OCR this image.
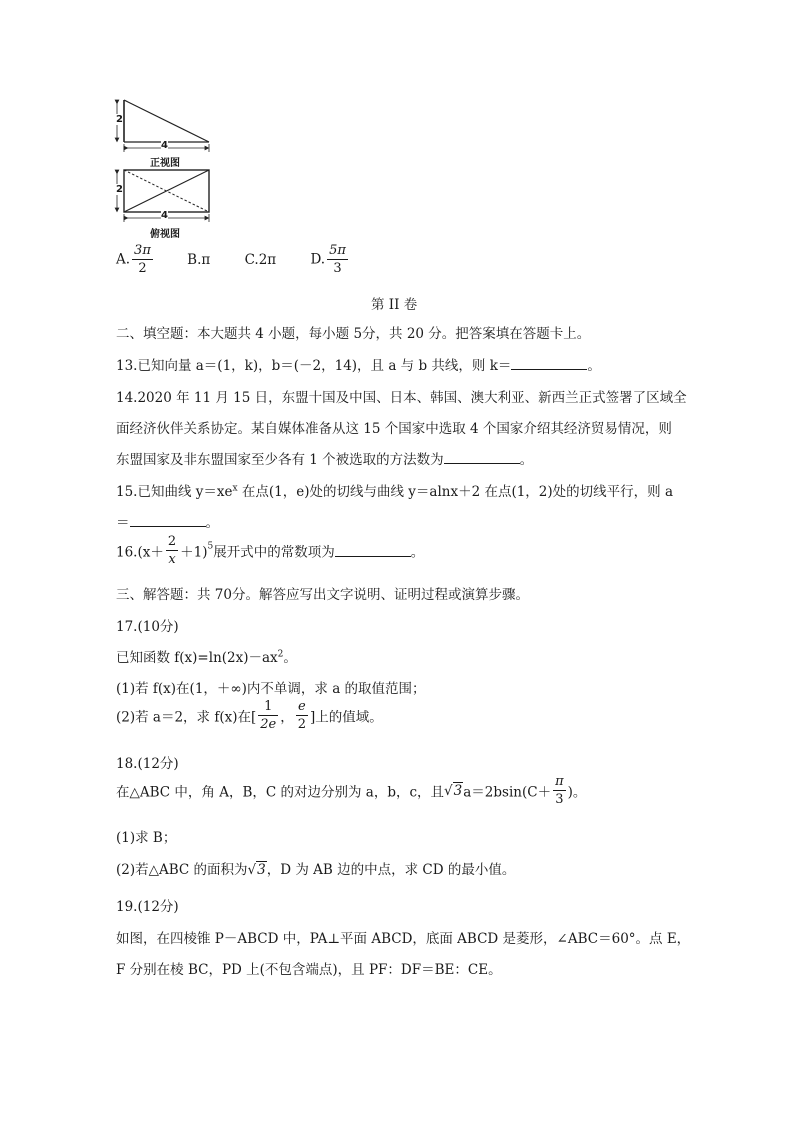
2
4
正视图
2
4
俯视图
A. $\frac{3\pi}{2}$	B.π	C.2π	D. $\frac{5\pi}{3}$
第 II 卷
二、填空题：本大题共 4 小题，每小题 5分，共 20 分。把答案填在答题卡上。
13.已知向量 a＝(1，k)，b＝(－2，14)，且 a 与 b 共线，则 k＝	。
14.2020 年 11 月 15 日，东盟十国及中国、日本、韩国、澳大利亚、新西兰正式签署了区域全
面经济伙伴关系协定。某自媒体准备从这 15 个国家中选取 4 个国家介绍其经济贸易情况，则
东盟国家及非东盟国家至少各有 1 个被选取的方法数为	。
15.已知曲线 $y=xe^x$ 在点(1，e)处的切线与曲线 y＝alnx＋2 在点(1，2)处的切线平行，则 a
＝	。
$16.(x+ \frac{2}{x} +1)^5$展开式中的常数项为	。
三、解答题：共 70分。解答应写出文字说明、证明过程或演算步骤。
17.(10分)
已知函数 $f(x)=\ln(2x)-ax^2$。
(1)若 f(x)在(1，＋∞)内不单调，求 a 的取值范围；
(2)若 a＝2，求 f(x)在[ $\frac{1}{2e}$ ， $\frac{e}{2}$ ]上的值域。
18.(12分)
在△ABC 中，角 A，B，C 的对边分别为 a，b，c，且$√3a=2bsin(C+ \frac{\pi}{3}$ )。
(1)求 B；
(2)若△ABC 的面积为√3，D 为 AB 边的中点，求 CD 的最小值。
19.(12分)
如图，在四棱锥 P－ABCD 中，PA⊥平面 ABCD，底面 ABCD 是菱形，∠ABC＝60°。点 E，
F 分别在棱 BC，PD 上(不包含端点)，且 PF：DF＝BE：CE。
